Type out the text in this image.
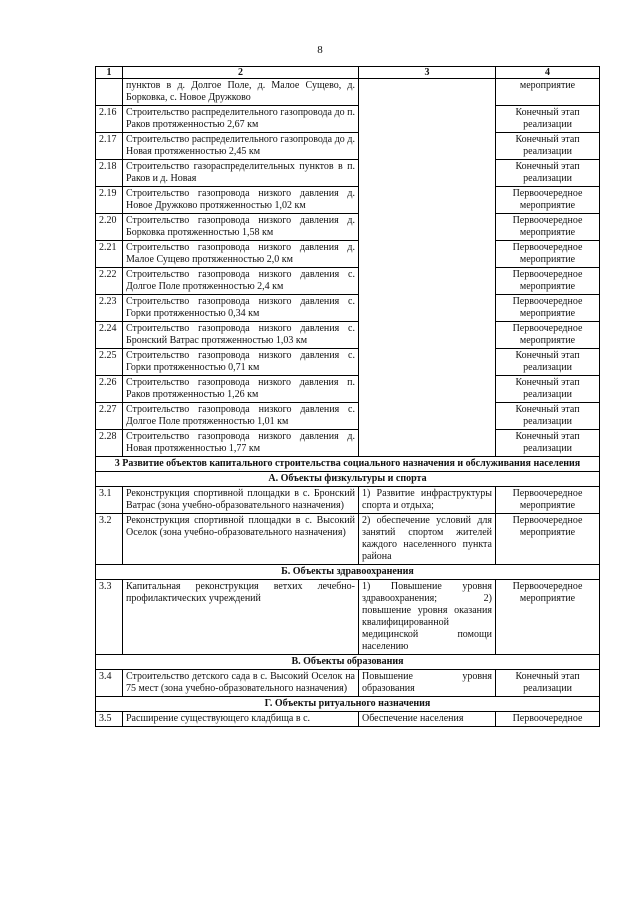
8
1	2	3	4
	пунктов в д. Долгое Поле, д. Малое Сущево, д. Борковка, с. Новое Дружково		мероприятие
2.16	Строительство распределительного газопровода до п. Раков протяженностью 2,67 км		Конечный этап реализации
2.17	Строительство распределительного газопровода до д. Новая протяженностью 2,45 км		Конечный этап реализации
2.18	Строительство газораспределительных пунктов в п. Раков и д. Новая		Конечный этап реализации
2.19	Строительство газопровода низкого давления д. Новое Дружково протяженностью 1,02 км		Первоочередное мероприятие
2.20	Строительство газопровода низкого давления д. Борковка протяженностью 1,58 км		Первоочередное мероприятие
2.21	Строительство газопровода низкого давления д. Малое Сущево протяженностью 2,0 км		Первоочередное мероприятие
2.22	Строительство газопровода низкого давления с. Долгое Поле протяженностью 2,4 км		Первоочередное мероприятие
2.23	Строительство газопровода низкого давления с. Горки протяженностью 0,34 км		Первоочередное мероприятие
2.24	Строительство газопровода низкого давления с. Бронский Ватрас протяженностью 1,03 км		Первоочередное мероприятие
2.25	Строительство газопровода низкого давления с. Горки протяженностью 0,71 км		Конечный этап реализации
2.26	Строительство газопровода низкого давления п. Раков протяженностью 1,26 км		Конечный этап реализации
2.27	Строительство газопровода низкого давления с. Долгое Поле протяженностью 1,01 км		Конечный этап реализации
2.28	Строительство газопровода низкого давления д. Новая протяженностью 1,77 км		Конечный этап реализации
3 Развитие объектов капитального строительства социального назначения и обслуживания населения			
А. Объекты физкультуры и спорта			
3.1	Реконструкция спортивной площадки в с. Бронский Ватрас (зона учебно-образовательного назначения)	1) Развитие инфраструктуры спорта и отдыха;	Первоочередное мероприятие
3.2	Реконструкция спортивной площадки в с. Высокий Оселок (зона учебно-образовательного назначения)	2) обеспечение условий для занятий спортом жителей каждого населенного пункта района	Первоочередное мероприятие
Б. Объекты здравоохранения			
3.3	Капитальная реконструкция ветхих лечебно-профилактических учреждений	1) Повышение уровня здравоохранения; 2) повышение уровня оказания квалифицированной медицинской помощи населению	Первоочередное мероприятие
В. Объекты образования			
3.4	Строительство детского сада в с. Высокий Оселок на 75 мест (зона учебно-образовательного назначения)	Повышение уровня образования	Конечный этап реализации
Г. Объекты ритуального назначения			
3.5	Расширение существующего кладбища в с.	Обеспечение населения	Первоочередное
